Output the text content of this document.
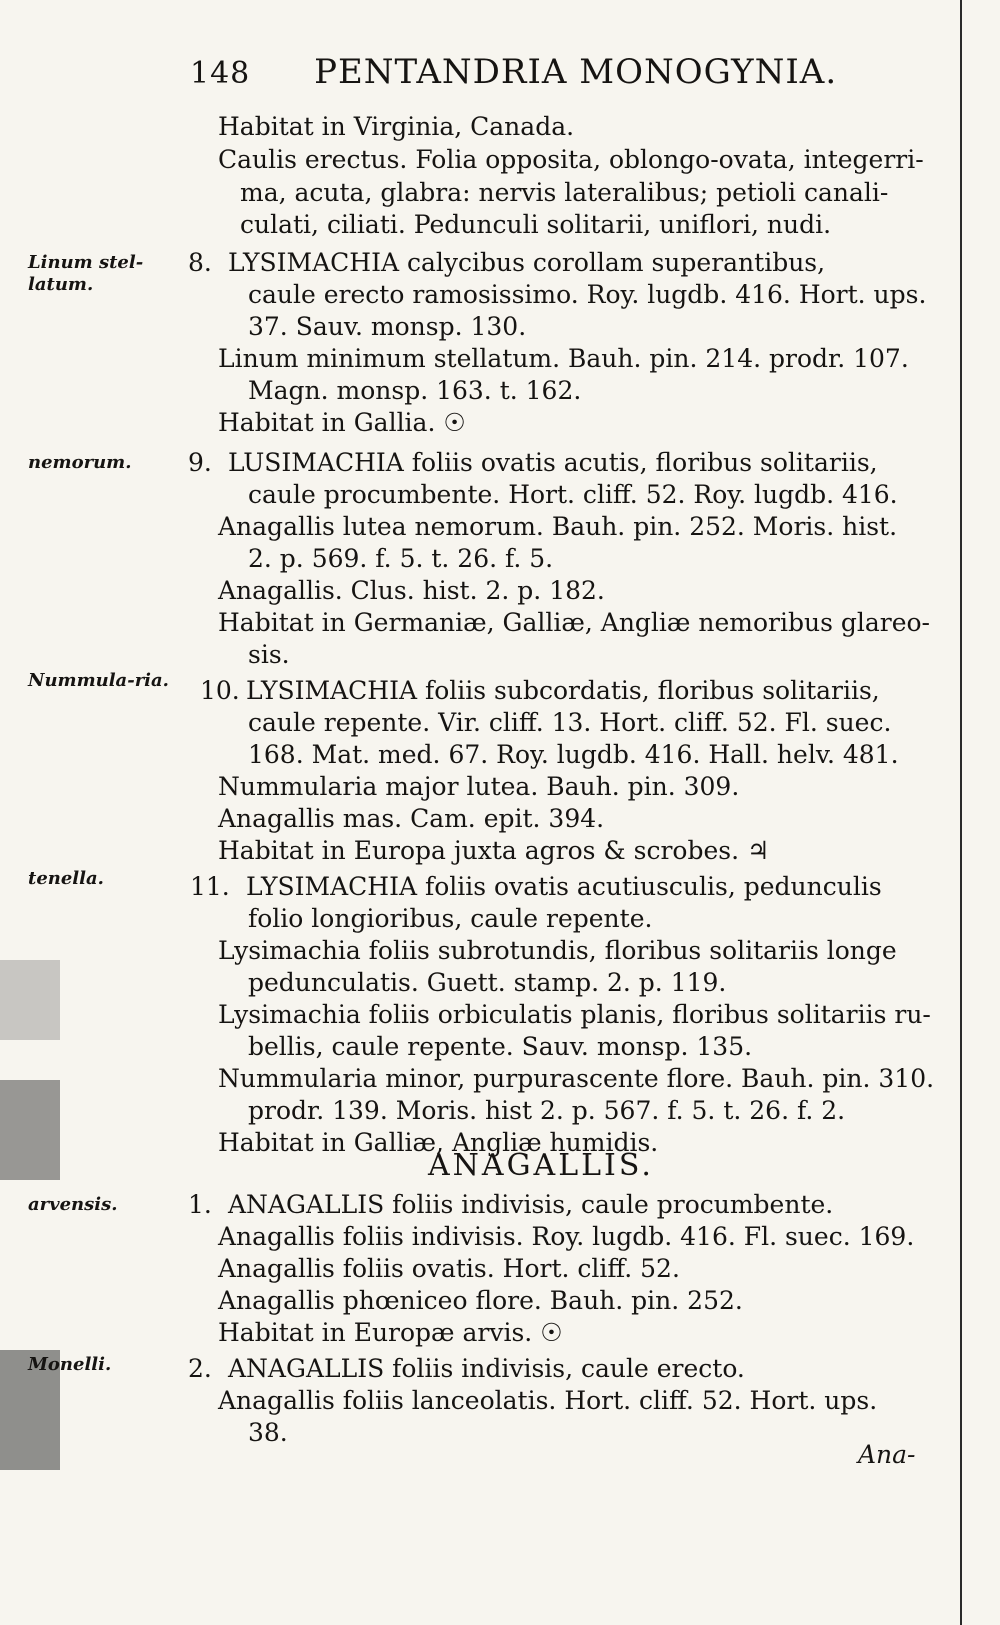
148 PENTANDRIA MONOGYNIA.
Linum stel-latum.
nemorum.
Nummula-ria.
tenella.
arvensis.
Monelli.
Habitat in Virginia, Canada.
Caulis erectus. Folia opposita, oblongo-ovata, integerri-
ma, acuta, glabra: nervis lateralibus; petioli canali-
culati, ciliati. Pedunculi solitarii, uniflori, nudi.
8. LYSIMACHIA calycibus corollam superantibus,
caule erecto ramosissimo. Roy. lugdb. 416. Hort. ups.
37. Sauv. monsp. 130.
Linum minimum stellatum. Bauh. pin. 214. prodr. 107.
Magn. monsp. 163. t. 162.
Habitat in Gallia. ☉
9. LUSIMACHIA foliis ovatis acutis, floribus solitariis,
caule procumbente. Hort. cliff. 52. Roy. lugdb. 416.
Anagallis lutea nemorum. Bauh. pin. 252. Moris. hist.
2. p. 569. f. 5. t. 26. f. 5.
Anagallis. Clus. hist. 2. p. 182.
Habitat in Germaniæ, Galliæ, Angliæ nemoribus glareo-
sis.
10. LYSIMACHIA foliis subcordatis, floribus solitariis,
caule repente. Vir. cliff. 13. Hort. cliff. 52. Fl. suec.
168. Mat. med. 67. Roy. lugdb. 416. Hall. helv. 481.
Nummularia major lutea. Bauh. pin. 309.
Anagallis mas. Cam. epit. 394.
Habitat in Europa juxta agros & scrobes. ♃
11. LYSIMACHIA foliis ovatis acutiusculis, pedunculis
folio longioribus, caule repente.
Lysimachia foliis subrotundis, floribus solitariis longe
pedunculatis. Guett. stamp. 2. p. 119.
Lysimachia foliis orbiculatis planis, floribus solitariis ru-
bellis, caule repente. Sauv. monsp. 135.
Nummularia minor, purpurascente flore. Bauh. pin. 310.
prodr. 139. Moris. hist 2. p. 567. f. 5. t. 26. f. 2.
Habitat in Galliæ, Angliæ humidis.
ANAGALLIS.
1. ANAGALLIS foliis indivisis, caule procumbente.
Anagallis foliis indivisis. Roy. lugdb. 416. Fl. suec. 169.
Anagallis foliis ovatis. Hort. cliff. 52.
Anagallis phœniceo flore. Bauh. pin. 252.
Habitat in Europæ arvis. ☉
2. ANAGALLIS foliis indivisis, caule erecto.
Anagallis foliis lanceolatis. Hort. cliff. 52. Hort. ups.
38.
Ana-
